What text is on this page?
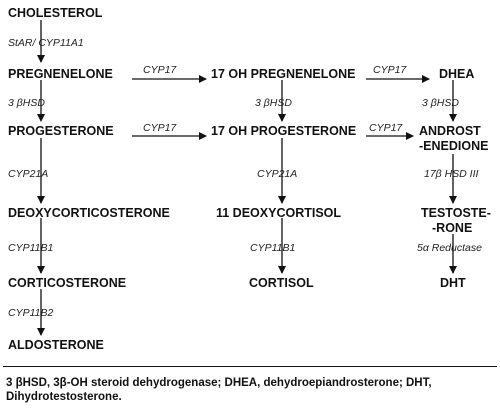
CHOLESTEROL
StAR/ CYP11A1
PREGNENELONE	CYP17	17 OH PREGNENELONE CYP17	DHEA
3 βHSD	3 βHSD	3 βHSD
PROGESTERONE	CYP17	17 OH PROGESTERONE CYP17 ANDROST
-ENEDIONE
CYP21A	CYP21A	17β HSD III
DEOXYCORTICOSTERONE	11 DEOXYCORTISOL	TESTOSTE-
-RONE
CYP11B1	CYP11B1	5α Reductase
CORTICOSTERONE	CORTISOL	DHT
CYP11B2
ALDOSTERONE
3 βHSD, 3β-OH steroid dehydrogenase; DHEA, dehydroepiandrosterone; DHT, Dihydrotestosterone.
